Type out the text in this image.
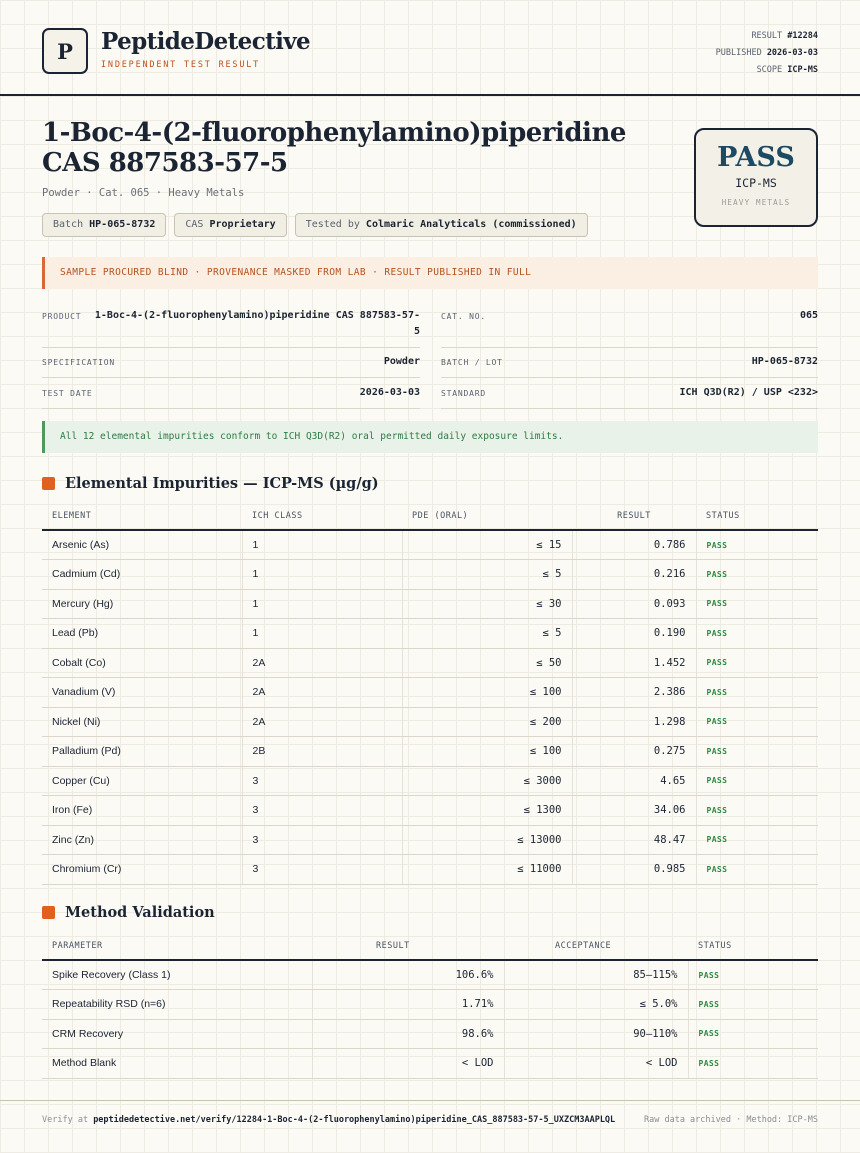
P	PeptideDetective
INDEPENDENT TEST RESULT
RESULT #12284
PUBLISHED 2026-03-03
SCOPE ICP-MS
1-Boc-4-(2-fluorophenylamino)piperidine CAS 887583-57-5
Powder · Cat. 065 · Heavy Metals
Batch HP-065-8732	CAS Proprietary	Tested by Colmaric Analyticals (commissioned)
PASS
ICP-MS
HEAVY METALS
SAMPLE PROCURED BLIND · PROVENANCE MASKED FROM LAB · RESULT PUBLISHED IN FULL
PRODUCT 1-Boc-4-(2-fluorophenylamino)piperidine CAS 887583-57-5
CAT. NO.	065
SPECIFICATION	Powder	BATCH / LOT	HP-065-8732
TEST DATE	2026-03-03	STANDARD	ICH Q3D(R2) / USP <232>
All 12 elemental impurities conform to ICH Q3D(R2) oral permitted daily exposure limits.
Elemental Impurities — ICP-MS (µg/g)
ELEMENT	ICH CLASS	PDE (ORAL)	RESULT	STATUS
Arsenic (As)	1	≤ 15	0.786	PASS
Cadmium (Cd)	1	≤ 5	0.216	PASS
Mercury (Hg)	1	≤ 30	0.093	PASS
Lead (Pb)	1	≤ 5	0.190	PASS
Cobalt (Co)	2A	≤ 50	1.452	PASS
Vanadium (V)	2A	≤ 100	2.386	PASS
Nickel (Ni)	2A	≤ 200	1.298	PASS
Palladium (Pd)	2B	≤ 100	0.275	PASS
Copper (Cu)	3	≤ 3000	4.65	PASS
Iron (Fe)	3	≤ 1300	34.06	PASS
Zinc (Zn)	3	≤ 13000	48.47	PASS
Chromium (Cr)	3	≤ 11000	0.985	PASS
Method Validation
PARAMETER	RESULT	ACCEPTANCE	STATUS
Spike Recovery (Class 1)	106.6%	85–115%	PASS
Repeatability RSD (n=6)	1.71%	≤ 5.0%	PASS
CRM Recovery	98.6%	90–110%	PASS
Method Blank	< LOD	< LOD	PASS
Verify at peptidedetective.net/verify/12284-1-Boc-4-(2-fluorophenylamino)piperidine_CAS_887583-57-5_UXZCM3AAPLQL	Raw data archived · Method: ICP-MS
